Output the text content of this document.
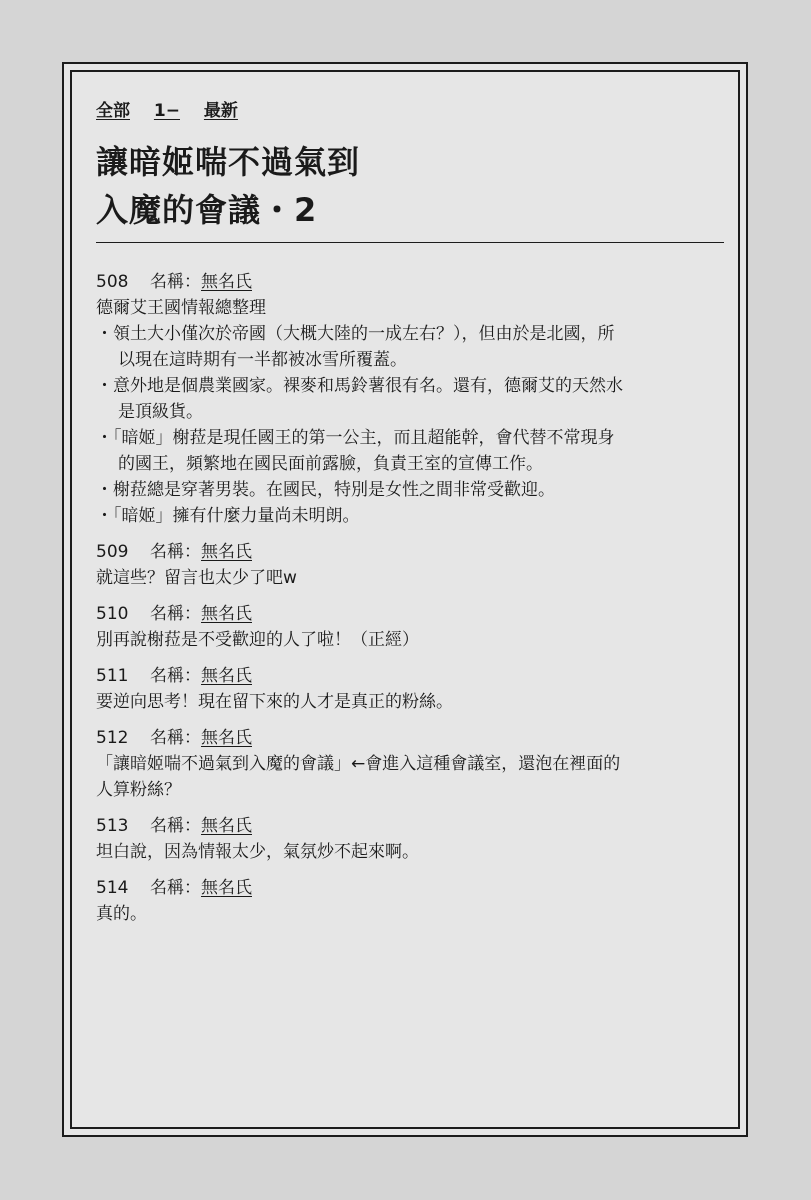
全部 1− 最新
讓暗姬喘不過氣到
入魔的會議・2
508 名稱：無名氏
德爾艾王國情報總整理
・領土大小僅次於帝國（大概大陸的一成左右？），但由於是北國，所
以現在這時期有一半都被冰雪所覆蓋。
・意外地是個農業國家。裸麥和馬鈴薯很有名。還有，德爾艾的天然水
是頂級貨。
・「暗姬」榭菈是現任國王的第一公主，而且超能幹，會代替不常現身
的國王，頻繁地在國民面前露臉，負責王室的宣傳工作。
・榭菈總是穿著男裝。在國民，特別是女性之間非常受歡迎。
・「暗姬」擁有什麼力量尚未明朗。
509 名稱：無名氏
就這些？留言也太少了吧w
510 名稱：無名氏
別再說榭菈是不受歡迎的人了啦！（正經）
511 名稱：無名氏
要逆向思考！現在留下來的人才是真正的粉絲。
512 名稱：無名氏
「讓暗姬喘不過氣到入魔的會議」←會進入這種會議室，還泡在裡面的
人算粉絲？
513 名稱：無名氏
坦白說，因為情報太少，氣氛炒不起來啊。
514 名稱：無名氏
真的。
